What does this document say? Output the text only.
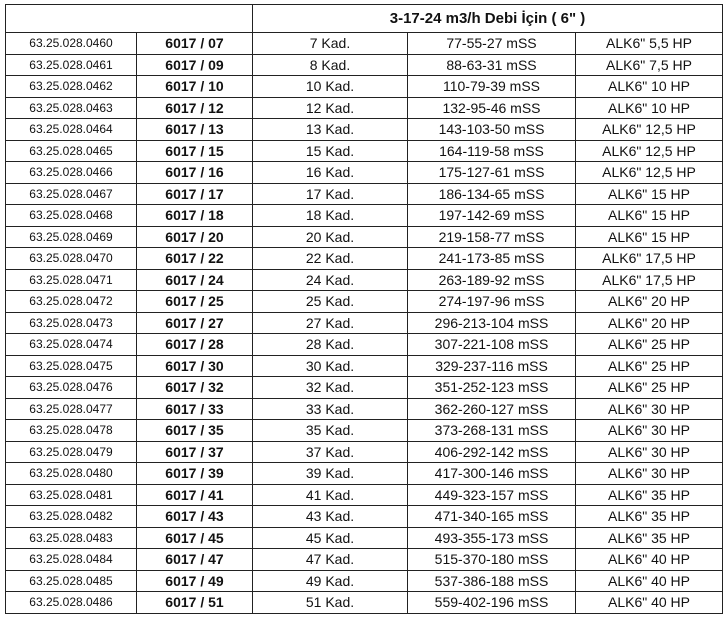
		3-17-24 m3/h Debi İçin ( 6" )		
63.25.028.0460	6017 / 07	7 Kad.	77-55-27 mSS	ALK6" 5,5 HP
63.25.028.0461	6017 / 09	8 Kad.	88-63-31 mSS	ALK6" 7,5 HP
63.25.028.0462	6017 / 10	10 Kad.	110-79-39 mSS	ALK6" 10 HP
63.25.028.0463	6017 / 12	12 Kad.	132-95-46 mSS	ALK6" 10 HP
63.25.028.0464	6017 / 13	13 Kad.	143-103-50 mSS	ALK6" 12,5 HP
63.25.028.0465	6017 / 15	15 Kad.	164-119-58 mSS	ALK6" 12,5 HP
63.25.028.0466	6017 / 16	16 Kad.	175-127-61 mSS	ALK6" 12,5 HP
63.25.028.0467	6017 / 17	17 Kad.	186-134-65 mSS	ALK6" 15 HP
63.25.028.0468	6017 / 18	18 Kad.	197-142-69 mSS	ALK6" 15 HP
63.25.028.0469	6017 / 20	20 Kad.	219-158-77 mSS	ALK6" 15 HP
63.25.028.0470	6017 / 22	22 Kad.	241-173-85 mSS	ALK6" 17,5 HP
63.25.028.0471	6017 / 24	24 Kad.	263-189-92 mSS	ALK6" 17,5 HP
63.25.028.0472	6017 / 25	25 Kad.	274-197-96 mSS	ALK6" 20 HP
63.25.028.0473	6017 / 27	27 Kad.	296-213-104 mSS	ALK6" 20 HP
63.25.028.0474	6017 / 28	28 Kad.	307-221-108 mSS	ALK6" 25 HP
63.25.028.0475	6017 / 30	30 Kad.	329-237-116 mSS	ALK6" 25 HP
63.25.028.0476	6017 / 32	32 Kad.	351-252-123 mSS	ALK6" 25 HP
63.25.028.0477	6017 / 33	33 Kad.	362-260-127 mSS	ALK6" 30 HP
63.25.028.0478	6017 / 35	35 Kad.	373-268-131 mSS	ALK6" 30 HP
63.25.028.0479	6017 / 37	37 Kad.	406-292-142 mSS	ALK6" 30 HP
63.25.028.0480	6017 / 39	39 Kad.	417-300-146 mSS	ALK6" 30 HP
63.25.028.0481	6017 / 41	41 Kad.	449-323-157 mSS	ALK6" 35 HP
63.25.028.0482	6017 / 43	43 Kad.	471-340-165 mSS	ALK6" 35 HP
63.25.028.0483	6017 / 45	45 Kad.	493-355-173 mSS	ALK6" 35 HP
63.25.028.0484	6017 / 47	47 Kad.	515-370-180 mSS	ALK6" 40 HP
63.25.028.0485	6017 / 49	49 Kad.	537-386-188 mSS	ALK6" 40 HP
63.25.028.0486	6017 / 51	51 Kad.	559-402-196 mSS	ALK6" 40 HP
